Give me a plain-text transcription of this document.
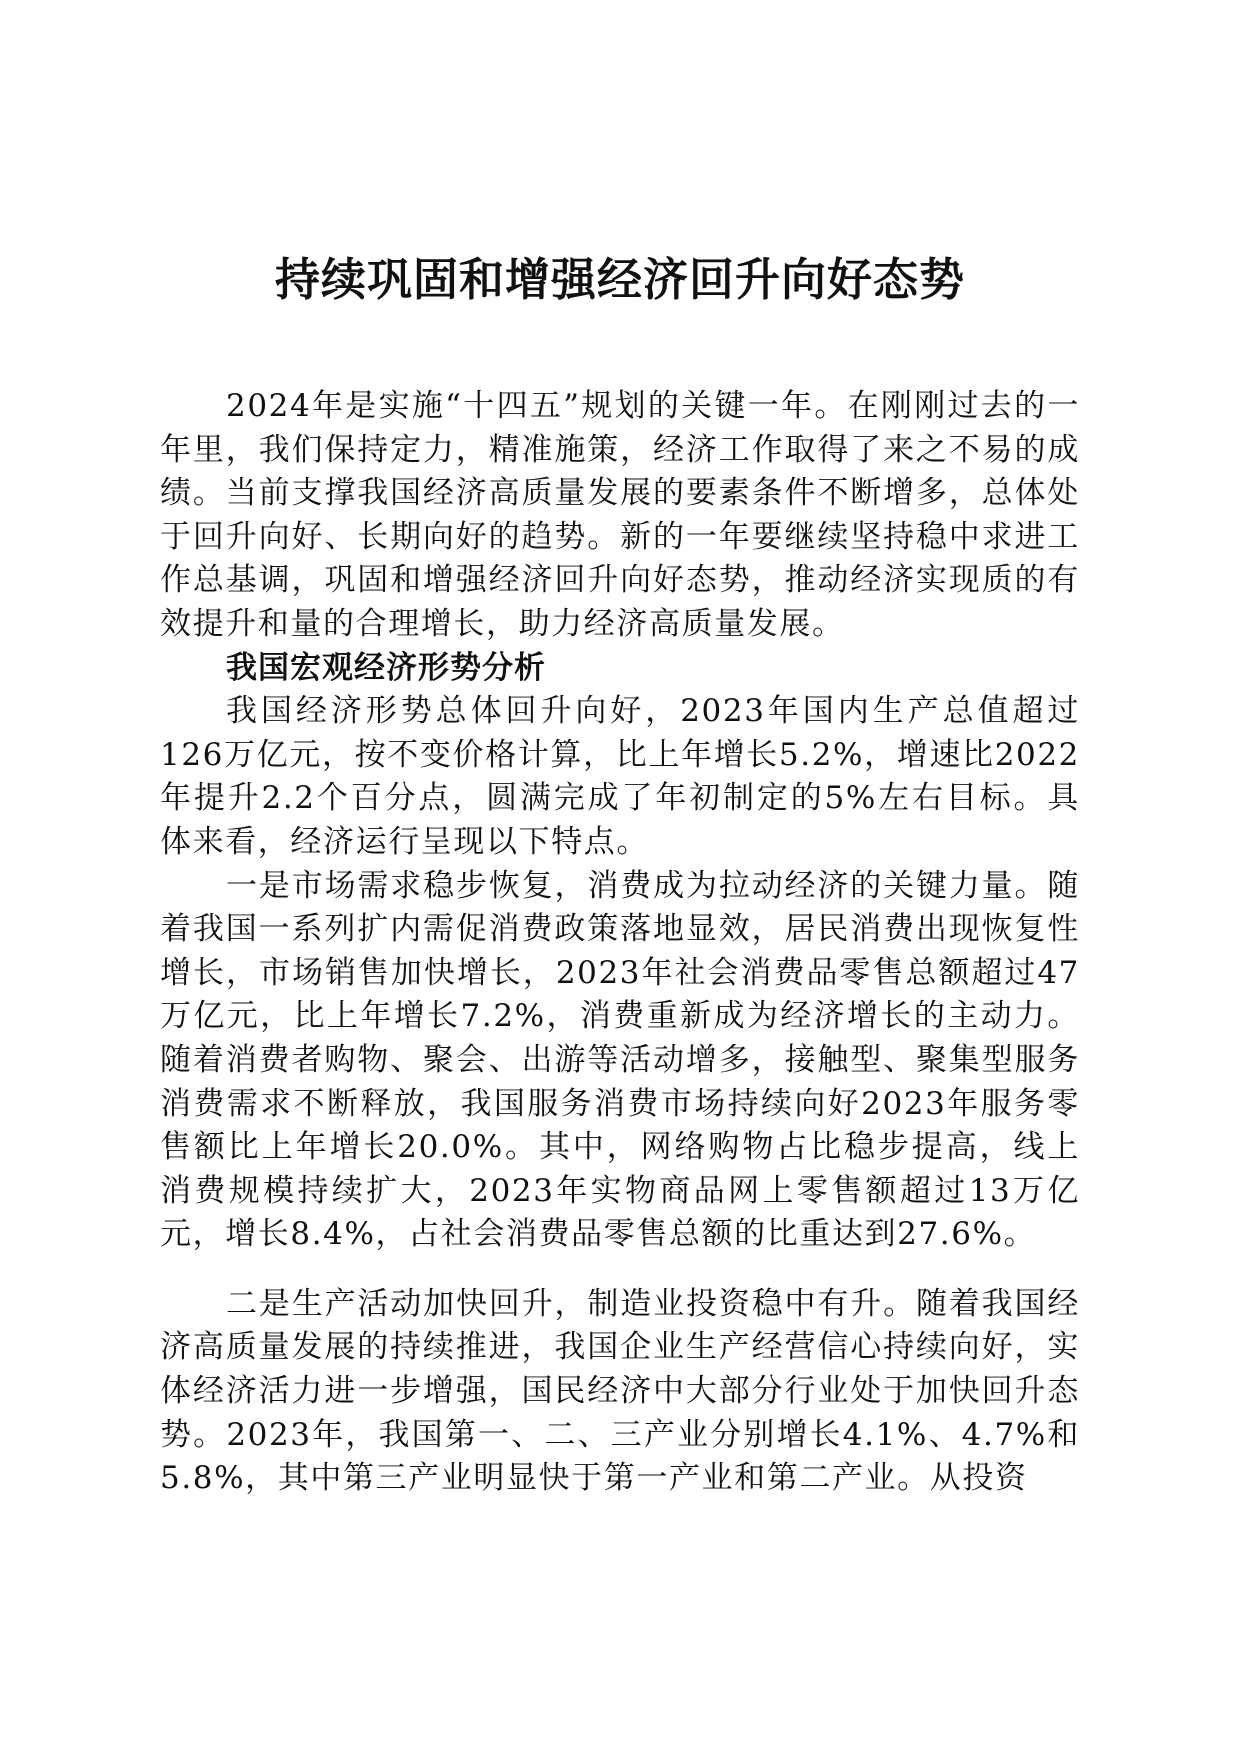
持续巩固和增强经济回升向好态势

2024年是实施“十四五”规划的关键一年。在刚刚过去的一年里，我们保持定力，精准施策，经济工作取得了来之不易的成绩。当前支撑我国经济高质量发展的要素条件不断增多，总体处于回升向好、长期向好的趋势。新的一年要继续坚持稳中求进工作总基调，巩固和增强经济回升向好态势，推动经济实现质的有效提升和量的合理增长，助力经济高质量发展。

我国宏观经济形势分析

我国经济形势总体回升向好，2023年国内生产总值超过126万亿元，按不变价格计算，比上年增长5.2%，增速比2022年提升2.2个百分点，圆满完成了年初制定的5%左右目标。具体来看，经济运行呈现以下特点。

一是市场需求稳步恢复，消费成为拉动经济的关键力量。随着我国一系列扩内需促消费政策落地显效，居民消费出现恢复性增长，市场销售加快增长，2023年社会消费品零售总额超过47万亿元，比上年增长7.2%，消费重新成为经济增长的主动力。随着消费者购物、聚会、出游等活动增多，接触型、聚集型服务消费需求不断释放，我国服务消费市场持续向好2023年服务零售额比上年增长20.0%。其中，网络购物占比稳步提高，线上消费规模持续扩大，2023年实物商品网上零售额超过13万亿元，增长8.4%，占社会消费品零售总额的比重达到27.6%。

二是生产活动加快回升，制造业投资稳中有升。随着我国经济高质量发展的持续推进，我国企业生产经营信心持续向好，实体经济活力进一步增强，国民经济中大部分行业处于加快回升态势。2023年，我国第一、二、三产业分别增长4.1%、4.7%和5.8%，其中第三产业明显快于第一产业和第二产业。从投资
